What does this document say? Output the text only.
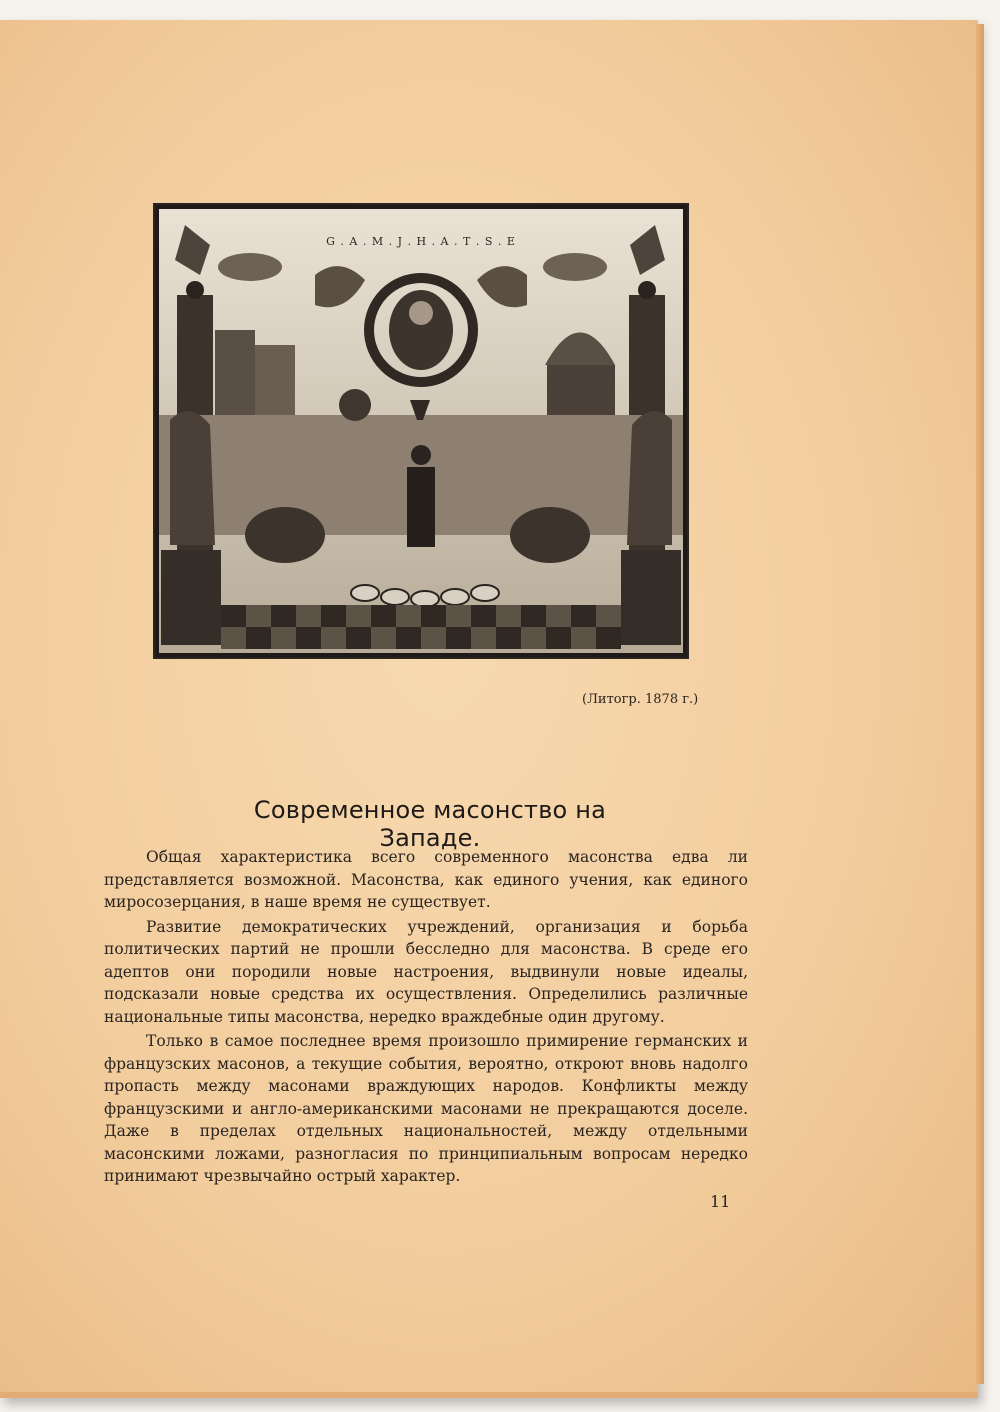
G . A . M . J . H . A . T . S . E
(Литогр. 1878 г.)
Современное масонство на Западе.

Общая характеристика всего современного масонства едва ли представляется возможной. Масонства, как единого учения, как единого миросозерцания, в наше время не существует.

Развитие демократических учреждений, организация и борьба политических партий не прошли бесследно для масонства. В среде его адептов они породили новые настроения, выдвинули новые идеалы, подсказали новые средства их осуществления. Определились различные национальные типы масонства, нередко враждебные один другому.

Только в самое последнее время произошло примирение германских и французских масонов, а текущие события, вероятно, откроют вновь надолго пропасть между масонами враждующих народов. Конфликты между французскими и англо-американскими масонами не прекращаются доселе. Даже в пределах отдельных национальностей, между отдельными масонскими ложами, разногласия по принципиальным вопросам нередко принимают чрезвычайно острый характер.

11
